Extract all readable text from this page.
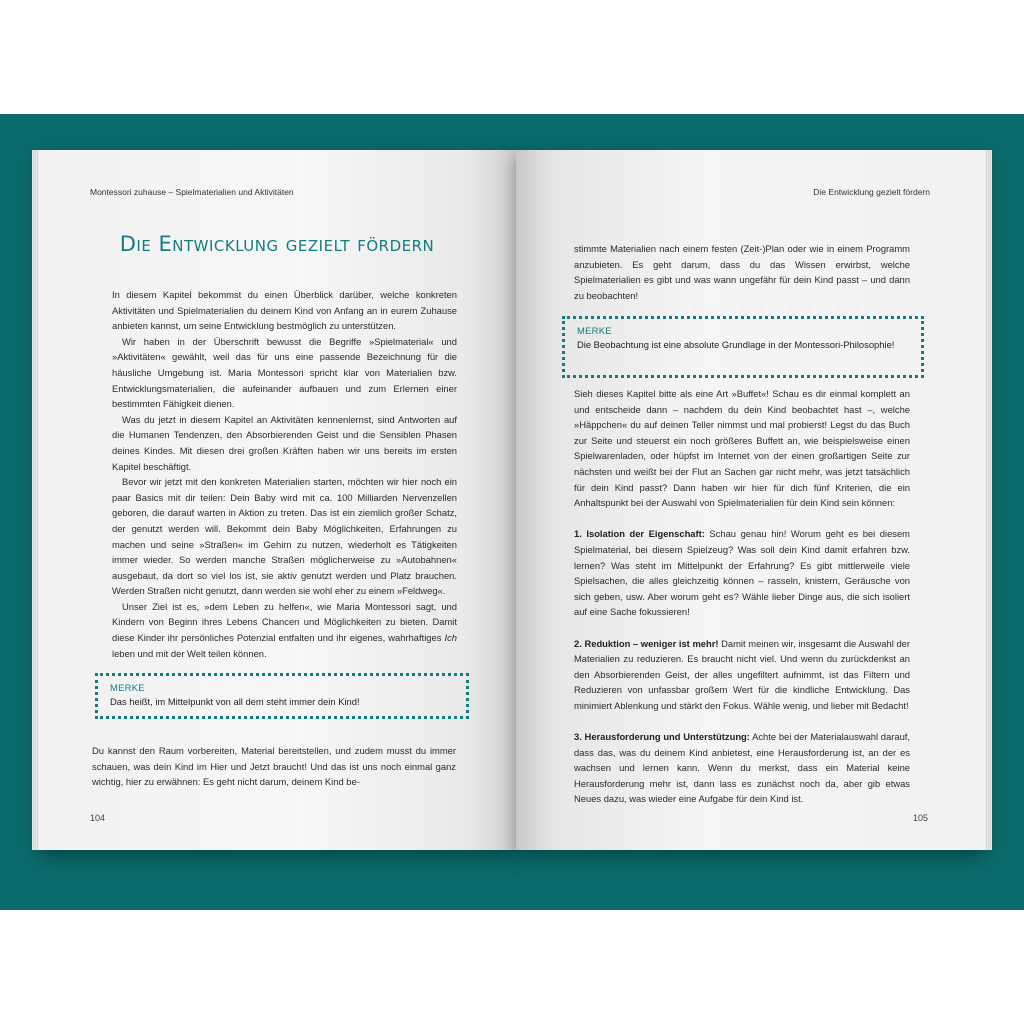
Montessori zuhause – Spielmaterialien und Aktivitäten
Die Entwicklung gezielt fördern

In diesem Kapitel bekommst du einen Überblick darüber, welche konkreten Aktivitäten und Spielmaterialien du deinem Kind von Anfang an in eurem Zuhause anbieten kannst, um seine Entwicklung bestmöglich zu unterstützen.

Wir haben in der Überschrift bewusst die Begriffe »Spielmaterial« und »Aktivitäten« gewählt, weil das für uns eine passende Bezeichnung für die häusliche Umgebung ist. Maria Montessori spricht klar von Materialien bzw. Entwicklungsmaterialien, die aufeinander aufbauen und zum Erlernen einer bestimmten Fähigkeit dienen.

Was du jetzt in diesem Kapitel an Aktivitäten kennenlernst, sind Antworten auf die Humanen Tendenzen, den Absorbierenden Geist und die Sensiblen Phasen deines Kindes. Mit diesen drei großen Kräften haben wir uns bereits im ersten Kapitel beschäftigt.

Bevor wir jetzt mit den konkreten Materialien starten, möchten wir hier noch ein paar Basics mit dir teilen: Dein Baby wird mit ca. 100 Milliarden Nervenzellen geboren, die darauf warten in Aktion zu treten. Das ist ein ziemlich großer Schatz, der genutzt werden will. Bekommt dein Baby Möglichkeiten, Erfahrungen zu machen und seine »Straßen« im Gehirn zu nutzen, wiederholt es Tätigkeiten immer wieder. So werden manche Straßen möglicherweise zu »Autobahnen« ausgebaut, da dort so viel los ist, sie aktiv genutzt werden und Platz brauchen. Werden Straßen nicht genutzt, dann werden sie wohl eher zu einem »Feldweg«.

Unser Ziel ist es, »dem Leben zu helfen«, wie Maria Montessori sagt, und Kindern von Beginn ihres Lebens Chancen und Möglichkeiten zu bieten. Damit diese Kinder ihr persönliches Potenzial entfalten und ihr eigenes, wahrhaftiges Ich leben und mit der Welt teilen können.

MERKE
Das heißt, im Mittelpunkt von all dem steht immer dein Kind!

Du kannst den Raum vorbereiten, Material bereitstellen, und zudem musst du immer schauen, was dein Kind im Hier und Jetzt braucht! Und das ist uns noch einmal ganz wichtig, hier zu erwähnen: Es geht nicht darum, deinem Kind be-

104
Die Entwicklung gezielt fördern

stimmte Materialien nach einem festen (Zeit-)Plan oder wie in einem Programm anzubieten. Es geht darum, dass du das Wissen erwirbst, welche Spielmaterialien es gibt und was wann ungefähr für dein Kind passt – und dann zu beobachten!

MERKE
Die Beobachtung ist eine absolute Grundlage in der Montessori-Philosophie!

Sieh dieses Kapitel bitte als eine Art »Buffet«! Schau es dir einmal komplett an und entscheide dann – nachdem du dein Kind beobachtet hast –, welche »Häppchen« du auf deinen Teller nimmst und mal probierst! Legst du das Buch zur Seite und steuerst ein noch größeres Buffett an, wie beispielsweise einen Spielwarenladen, oder hüpfst im Internet von der einen großartigen Seite zur nächsten und weißt bei der Flut an Sachen gar nicht mehr, was jetzt tatsächlich für dein Kind passt? Dann haben wir hier für dich fünf Kriterien, die ein Anhaltspunkt bei der Auswahl von Spielmaterialien für dein Kind sein können:

1. Isolation der Eigenschaft: Schau genau hin! Worum geht es bei diesem Spielmaterial, bei diesem Spielzeug? Was soll dein Kind damit erfahren bzw. lernen? Was steht im Mittelpunkt der Erfahrung? Es gibt mittlerweile viele Spielsachen, die alles gleichzeitig können – rasseln, knistern, Geräusche von sich geben, usw. Aber worum geht es? Wähle lieber Dinge aus, die sich isoliert auf eine Sache fokussieren!

2. Reduktion – weniger ist mehr! Damit meinen wir, insgesamt die Auswahl der Materialien zu reduzieren. Es braucht nicht viel. Und wenn du zurückdenkst an den Absorbierenden Geist, der alles ungefiltert aufnimmt, ist das Filtern und Reduzieren von unfassbar großem Wert für die kindliche Entwicklung. Das minimiert Ablenkung und stärkt den Fokus. Wähle wenig, und lieber mit Bedacht!

3. Herausforderung und Unterstützung: Achte bei der Materialauswahl darauf, dass das, was du deinem Kind anbietest, eine Herausforderung ist, an der es wachsen und lernen kann. Wenn du merkst, dass ein Material keine Herausforderung mehr ist, dann lass es zunächst noch da, aber gib etwas Neues dazu, was wieder eine Aufgabe für dein Kind ist.

105
